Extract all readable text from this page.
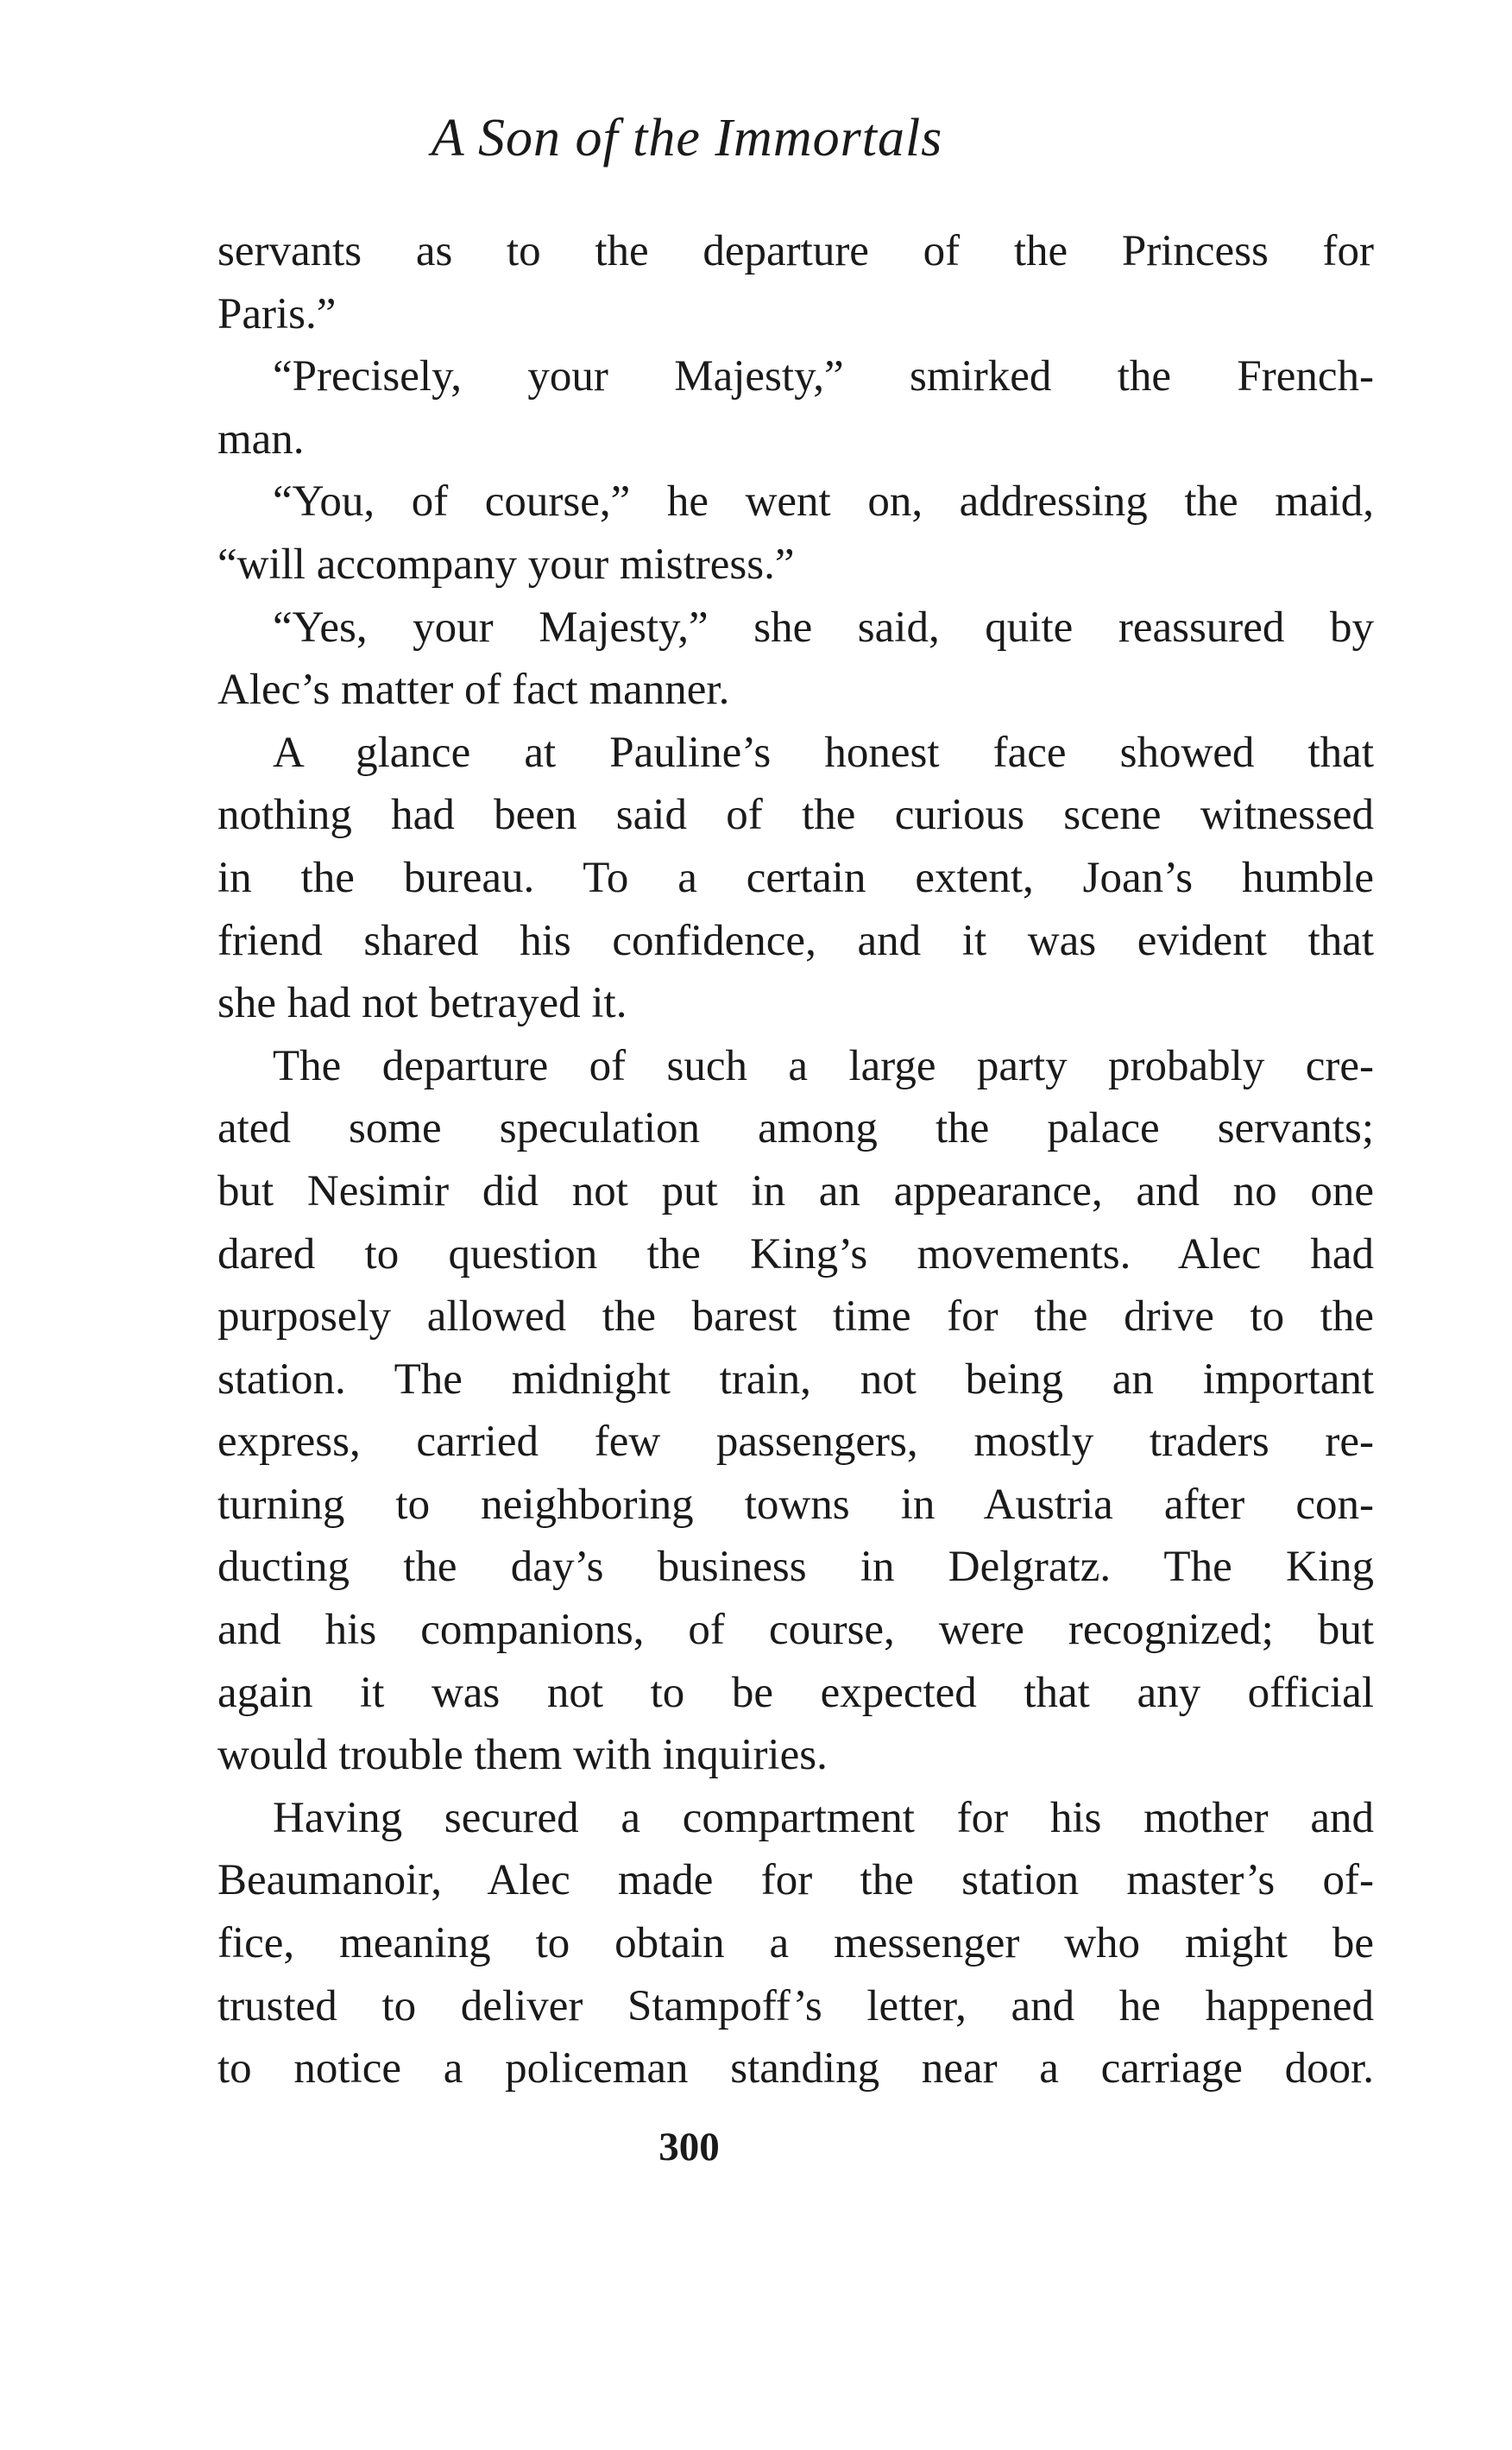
A Son of the Immortals
servants as to the departure of the Princess for
Paris.”
“Precisely, your Majesty,” smirked the French-
man.
“You, of course,” he went on, addressing the maid,
“will accompany your mistress.”
“Yes, your Majesty,” she said, quite reassured by
Alec’s matter of fact manner.
A glance at Pauline’s honest face showed that
nothing had been said of the curious scene witnessed
in the bureau. To a certain extent, Joan’s humble
friend shared his confidence, and it was evident that
she had not betrayed it.
The departure of such a large party probably cre-
ated some speculation among the palace servants;
but Nesimir did not put in an appearance, and no one
dared to question the King’s movements. Alec had
purposely allowed the barest time for the drive to the
station. The midnight train, not being an important
express, carried few passengers, mostly traders re-
turning to neighboring towns in Austria after con-
ducting the day’s business in Delgratz. The King
and his companions, of course, were recognized; but
again it was not to be expected that any official
would trouble them with inquiries.
Having secured a compartment for his mother and
Beaumanoir, Alec made for the station master’s of-
fice, meaning to obtain a messenger who might be
trusted to deliver Stampoff’s letter, and he happened
to notice a policeman standing near a carriage door.

300
